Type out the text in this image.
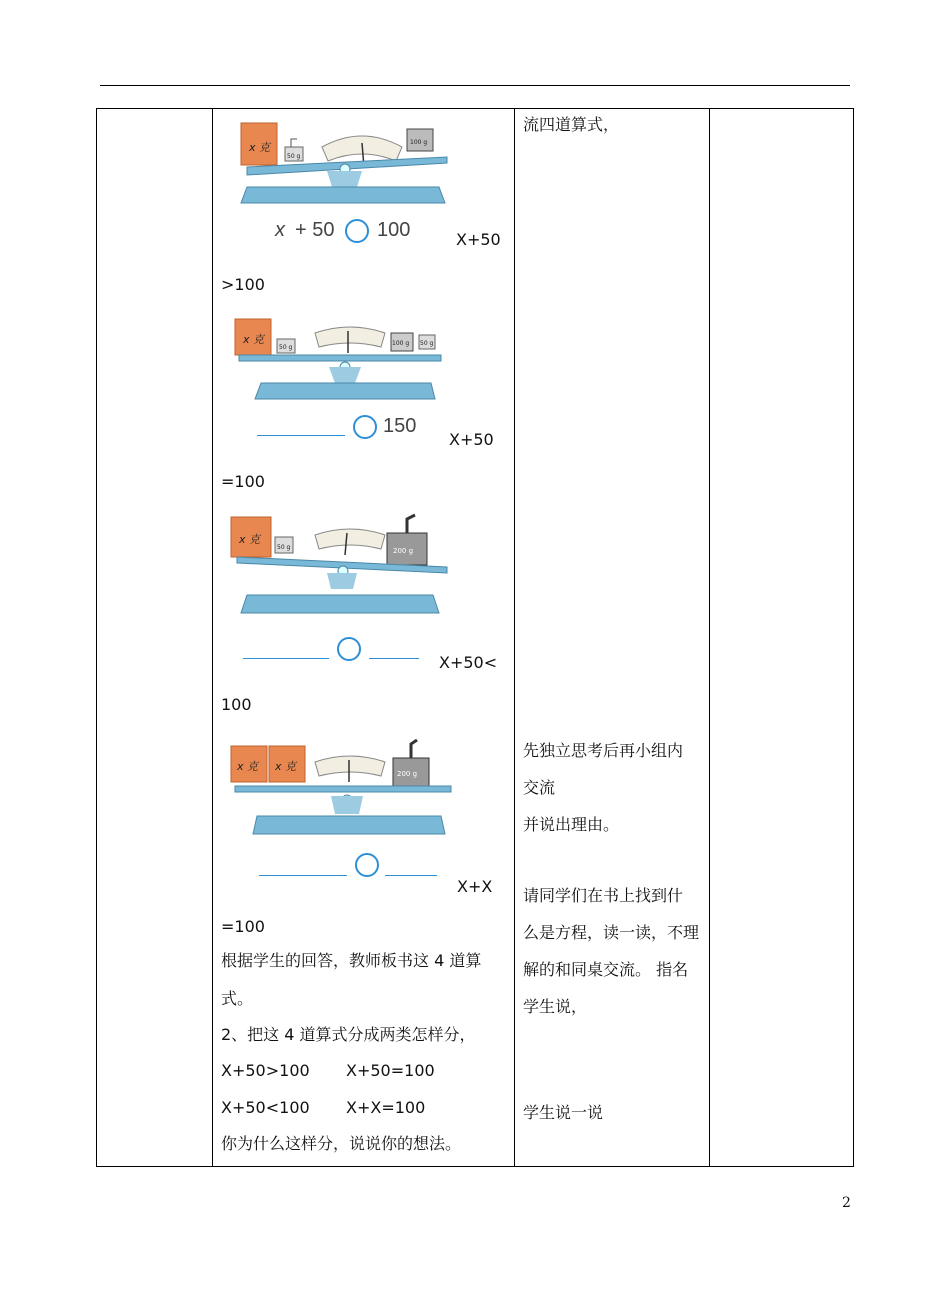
x 克
50 g
100 g
x + 50 100	X+50
>100
x 克
50 g
100 g 50 g
150
X+50
=100
x 克
50 g	200 g
X+50<
100
x 克 x 克
200 g
X+X
=100
根据学生的回答，教师板书这 4 道算
式。
2、把这 4 道算式分成两类怎样分，
X+50>100 X+50=100
X+50<100 X+X=100
你为什么这样分，说说你的想法。

流四道算式，
先独立思考后再小组内
交流
并说出理由。
请同学们在书上找到什
么是方程，读一读，不理
解的和同桌交流。 指名
学生说，
学生说一说

2
